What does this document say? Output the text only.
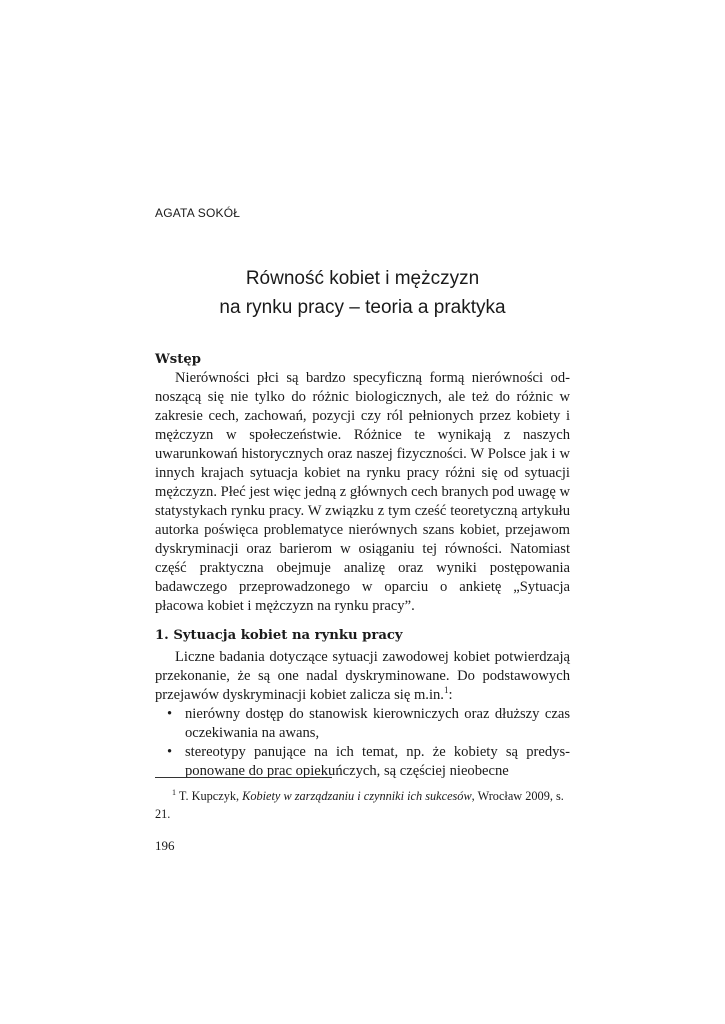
AGATA SOKÓŁ

Równość kobiet i mężczyzn
na rynku pracy – teoria a praktyka
Wstęp

Nierówności płci są bardzo specyficzną formą nierówności odnoszącą się nie tylko do różnic biologicznych, ale też do różnic w zakresie cech, zachowań, pozycji czy ról pełnionych przez kobiety i mężczyzn w społeczeństwie. Różnice te wynikają z naszych uwarunkowań historycznych oraz naszej fizyczności. W Polsce jak i w innych krajach sytuacja kobiet na rynku pracy różni się od sytuacji mężczyzn. Płeć jest więc jedną z głównych cech branych pod uwagę w statystykach rynku pracy. W związku z tym cześć teoretyczną artykułu autorka poświęca problematyce nierównych szans kobiet, przejawom dyskryminacji oraz barierom w osiąganiu tej równości. Natomiast część praktyczna obejmuje analizę oraz wyniki postępowania badawczego przeprowadzonego w oparciu o ankietę „Sytuacja płacowa kobiet i mężczyzn na rynku pracy”.

1. Sytuacja kobiet na rynku pracy

Liczne badania dotyczące sytuacji zawodowej kobiet potwierdzają przekonanie, że są one nadal dyskryminowane. Do podstawowych przejawów dyskryminacji kobiet zalicza się m.in.$^1$:

• nierówny dostęp do stanowisk kierowniczych oraz dłuższy czas oczekiwania na awans,
• stereotypy panujące na ich temat, np. że kobiety są predysponowane do prac opiekuńczych, są częściej nieobecne

$^1$ T. Kupczyk, Kobiety w zarządzaniu i czynniki ich sukcesów, Wrocław 2009, s. 21.

196
